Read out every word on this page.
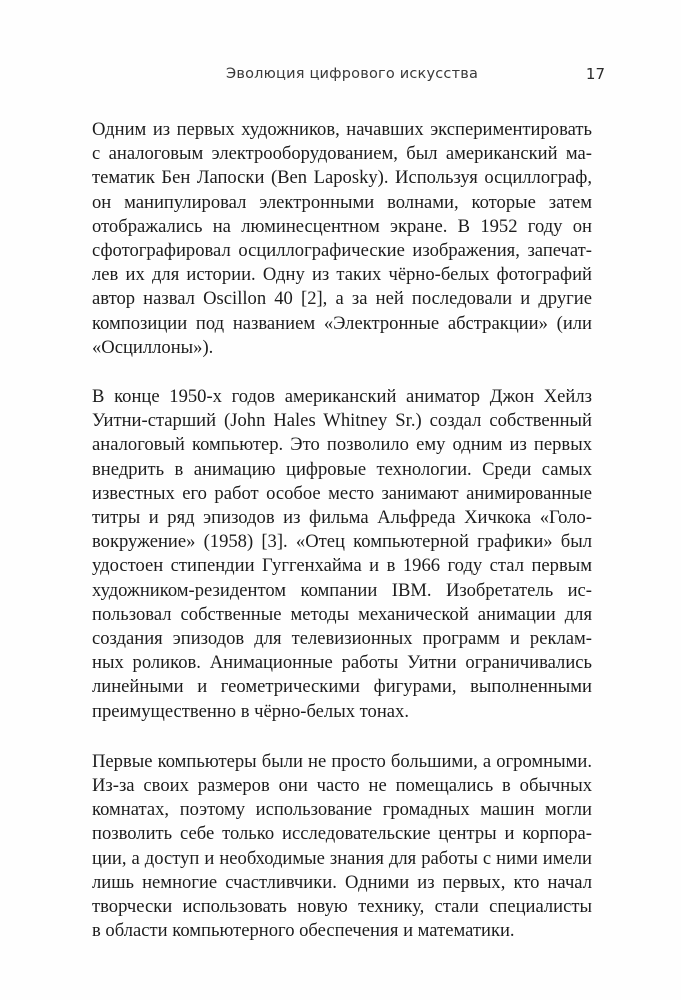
Эволюция цифрового искусства	17

Одним из первых художников, начавших экспериментировать
с аналоговым электрооборудованием, был американский ма-
тематик Бен Лапоски (Ben Laposky). Используя осциллограф,
он манипулировал электронными волнами, которые затем
отображались на люминесцентном экране. В 1952 году он
сфотографировал осциллографические изображения, запечат-
лев их для истории. Одну из таких чёрно-белых фотографий
автор назвал Oscillon 40 [2], а за ней последовали и другие
композиции под названием «Электронные абстракции» (или
«Осциллоны»).

В конце 1950-х годов американский аниматор Джон Хейлз
Уитни-старший (John Hales Whitney Sr.) создал собственный
аналоговый компьютер. Это позволило ему одним из первых
внедрить в анимацию цифровые технологии. Среди самых
известных его работ особое место занимают анимированные
титры и ряд эпизодов из фильма Альфреда Хичкока «Голо-
вокружение» (1958) [3]. «Отец компьютерной графики» был
удостоен стипендии Гуггенхайма и в 1966 году стал первым
художником-резидентом компании IBM. Изобретатель ис-
пользовал собственные методы механической анимации для
создания эпизодов для телевизионных программ и реклам-
ных роликов. Анимационные работы Уитни ограничивались
линейными и геометрическими фигурами, выполненными
преимущественно в чёрно-белых тонах.

Первые компьютеры были не просто большими, а огромными.
Из-за своих размеров они часто не помещались в обычных
комнатах, поэтому использование громадных машин могли
позволить себе только исследовательские центры и корпора-
ции, а доступ и необходимые знания для работы с ними имели
лишь немногие счастливчики. Одними из первых, кто начал
творчески использовать новую технику, стали специалисты
в области компьютерного обеспечения и математики.
